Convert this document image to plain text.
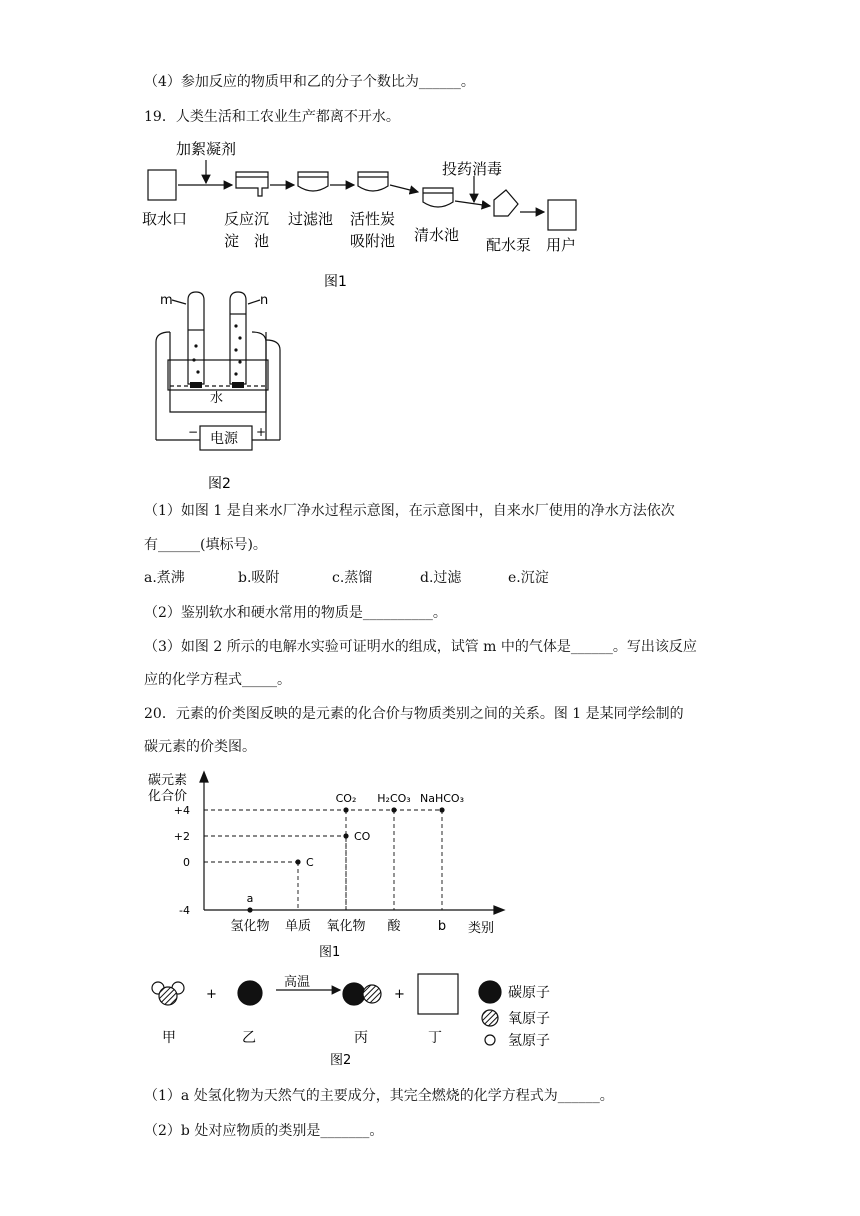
（4）参加反应的物质甲和乙的分子个数比为______。
19．人类生活和工农业生产都离不开水。
加絮凝剂
投药消毒
取水口 反应沉
淀　池
过滤池 活性炭
吸附池 清水池
配水泵 用户
图1
m	n
水
电源
−	+
图2
（1）如图 1 是自来水厂净水过程示意图，在示意图中，自来水厂使用的净水方法依次
有______(填标号)。
a.煮沸	b.吸附	c.蒸馏	d.过滤	e.沉淀
（2）鉴别软水和硬水常用的物质是__________。
（3）如图 2 所示的电解水实验可证明水的组成，试管 m 中的气体是______。写出该反应
应的化学方程式_____。
20．元素的价类图反映的是元素的化合价与物质类别之间的关系。图 1 是某同学绘制的
碳元素的价类图。
+4
+2
0
-4
氢化物 单质 氧化物 酸	b
a
C
CO
CO₂ H₂CO₃ NaHCO₃
碳元素
化合价
类别
图1
+	+
高温
甲	乙	丙	丁
碳原子
氧原子
氢原子
图2
（1）a 处氢化物为天然气的主要成分，其完全燃烧的化学方程式为______。
（2）b 处对应物质的类别是_______。
